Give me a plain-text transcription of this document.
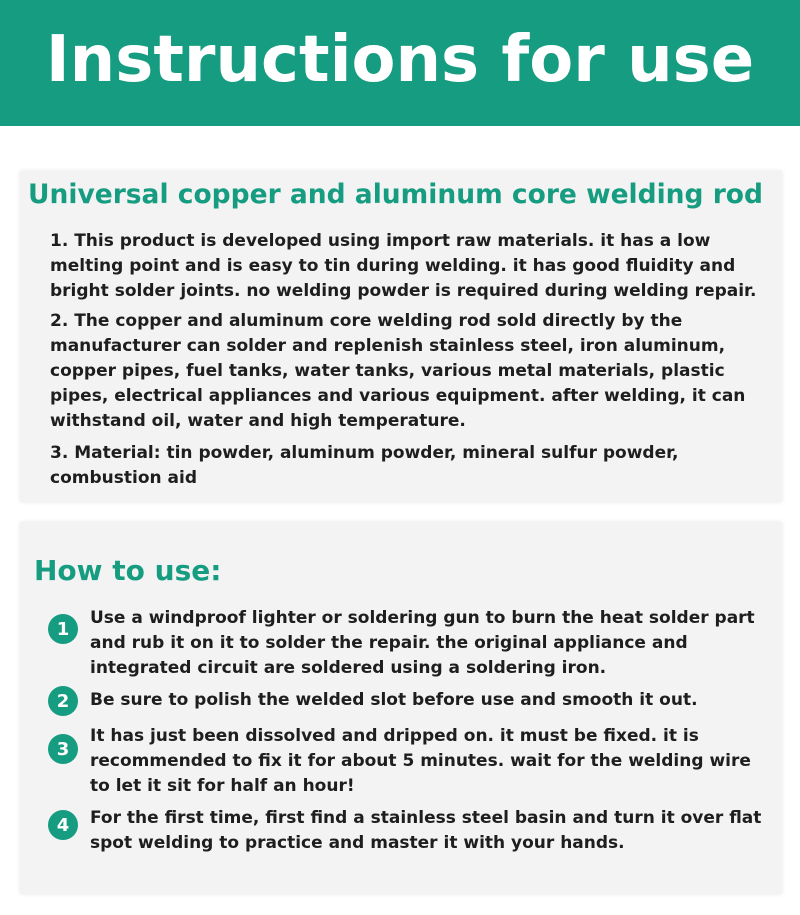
Instructions for use
Universal copper and aluminum core welding rod
1. This product is developed using import raw materials. it has a low melting point and is easy to tin during welding. it has good fluidity and bright solder joints. no welding powder is required during welding repair.
2. The copper and aluminum core welding rod sold directly by the manufacturer can solder and replenish stainless steel, iron aluminum, copper pipes, fuel tanks, water tanks, various metal materials, plastic pipes, electrical appliances and various equipment. after welding, it can withstand oil, water and high temperature.
3. Material: tin powder, aluminum powder, mineral sulfur powder, combustion aid
How to use:
1
Use a windproof lighter or soldering gun to burn the heat solder part and rub it on it to solder the repair. the original appliance and integrated circuit are soldered using a soldering iron.
2	Be sure to polish the welded slot before use and smooth it out.
3
It has just been dissolved and dripped on. it must be fixed. it is recommended to fix it for about 5 minutes. wait for the welding wire to let it sit for half an hour!
4	For the first time, first find a stainless steel basin and turn it over flat spot welding to practice and master it with your hands.
